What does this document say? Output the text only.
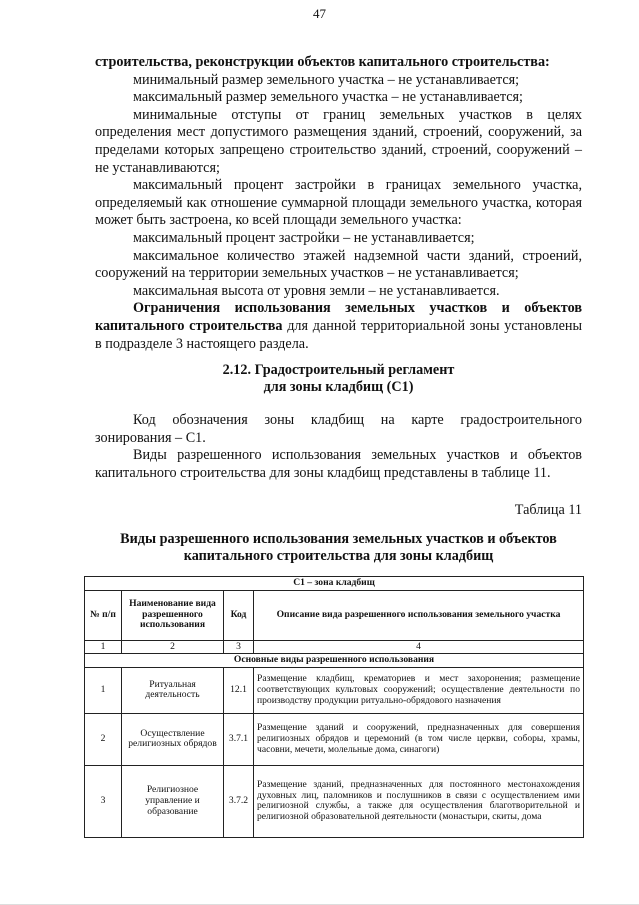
47

строительства, реконструкции объектов капитального строительства:

минимальный размер земельного участка – не устанавливается;

максимальный размер земельного участка – не устанавливается;

минимальные отступы от границ земельных участков в целях определения мест допустимого размещения зданий, строений, сооружений, за пределами которых запрещено строительство зданий, строений, сооружений – не устанавливаются;

максимальный процент застройки в границах земельного участка, определяемый как отношение суммарной площади земельного участка, которая может быть застроена, ко всей площади земельного участка:

максимальный процент застройки – не устанавливается;

максимальное количество этажей надземной части зданий, строений, сооружений на территории земельных участков – не устанавливается;

максимальная высота от уровня земли – не устанавливается.

Ограничения использования земельных участков и объектов капитального строительства для данной территориальной зоны установлены в подразделе 3 настоящего раздела.

2.12. Градостроительный регламент
для зоны кладбищ (С1)

Код обозначения зоны кладбищ на карте градостроительного зонирования – С1.

Виды разрешенного использования земельных участков и объектов капитального строительства для зоны кладбищ представлены в таблице 11.

Таблица 11
Виды разрешенного использования земельных участков и объектов
капитального строительства для зоны кладбищ
С1 – зона кладбищ			
№ п/п	Наименование вида разрешенного использования	Код	Описание вида разрешенного использования земельного участка
1	2	3	4
Основные виды разрешенного использования			
1	Ритуальная деятельность	12.1	Размещение кладбищ, крематориев и мест захоронения; размещение соответствующих культовых сооружений; осуществление деятельности по производству продукции ритуально-обрядового назначения
2	Осуществление религиозных обрядов	3.7.1	Размещение зданий и сооружений, предназначенных для совершения религиозных обрядов и церемоний (в том числе церкви, соборы, храмы, часовни, мечети, молельные дома, синагоги)
3	Религиозное управление и образование	3.7.2	Размещение зданий, предназначенных для постоянного местонахождения духовных лиц, паломников и послушников в связи с осуществлением ими религиозной службы, а также для осуществления благотворительной и религиозной образовательной деятельности (монастыри, скиты, дома
